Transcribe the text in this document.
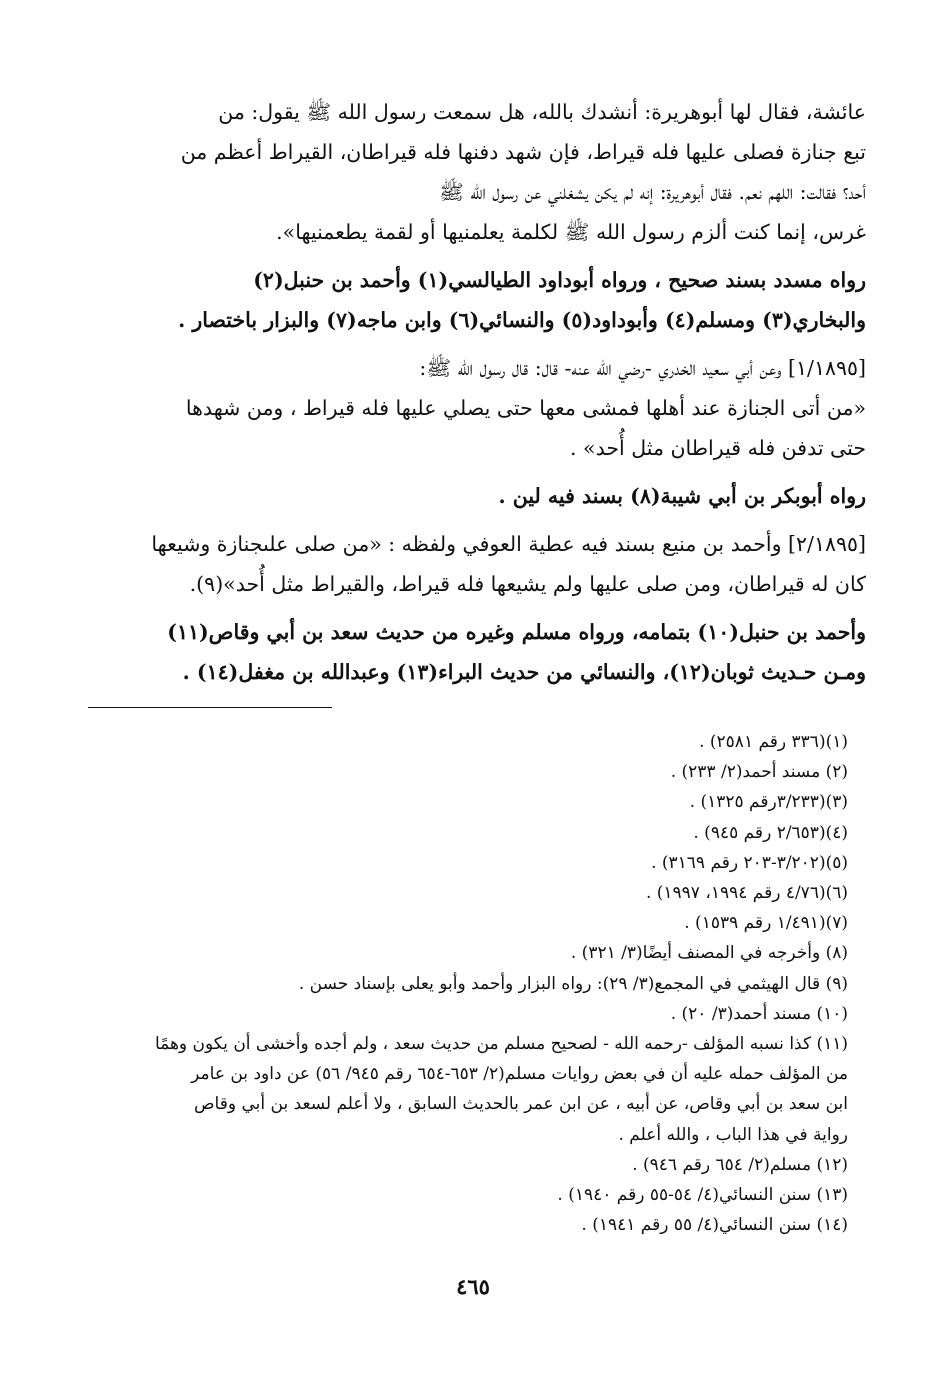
عائشة، فقال لها أبوهريرة: أنشدك بالله، هل سمعت رسول الله ﷺ يقول: من
تبع جنازة فصلى عليها فله قيراط، فإن شهد دفنها فله قيراطان، القيراط أعظم من
أحد؟ فقالت: اللهم نعم. فقال أبوهريرة: إنه لم يكن يشغلني عن رسول الله ﷺ
غرس، إنما كنت ألزم رسول الله ﷺ لكلمة يعلمنيها أو لقمة يطعمنيها».

رواه مسدد بسند صحيح ، ورواه أبوداود الطيالسي(١) وأحمد بن حنبل(٢)
والبخاري(٣) ومسلم(٤) وأبوداود(٥) والنسائي(٦) وابن ماجه(٧) والبزار باختصار .

[١/١٨٩٥] وعن أبي سعيد الخدري -رضي الله عنه- قال: قال رسول الله ﷺ:
«من أتى الجنازة عند أهلها فمشى معها حتى يصلي عليها فله قيراط ، ومن شهدها
حتى تدفن فله قيراطان مثل أُحد» .

رواه أبوبكر بن أبي شيبة(٨) بسند فيه لين .

[٢/١٨٩٥] وأحمد بن منيع بسند فيه عطية العوفي ولفظه : «من صلى علىجنازة وشيعها
كان له قيراطان، ومن صلى عليها ولم يشيعها فله قيراط، والقيراط مثل أُحد»(٩).

وأحمد بن حنبل(١٠) بتمامه، ورواه مسلم وغيره من حديث سعد بن أبي وقاص(١١)
ومـن حـديث ثوبان(١٢)، والنسائي من حديث البراء(١٣) وعبدالله بن مغفل(١٤) .

(١)(٣٣٦ رقم ٢٥٨١) .
(٢) مسند أحمد(٢/ ٢٣٣) .
(٣)(٣/٢٣٣رقم ١٣٢٥) .
(٤)(٢/٦٥٣ رقم ٩٤٥) .
(٥)(٣/٢٠٢-٢٠٣ رقم ٣١٦٩) .
(٦)(٤/٧٦ رقم ١٩٩٤، ١٩٩٧) .
(٧)(١/٤٩١ رقم ١٥٣٩) .
(٨) وأخرجه في المصنف أيضًا(٣/ ٣٢١) .
(٩) قال الهيثمي في المجمع(٣/ ٢٩): رواه البزار وأحمد وأبو يعلى بإسناد حسن .
(١٠) مسند أحمد(٣/ ٢٠) .
(١١) كذا نسبه المؤلف -رحمه الله - لصحيح مسلم من حديث سعد ، ولم أجده وأخشى أن يكون وهمًا
من المؤلف حمله عليه أن في بعض روايات مسلم(٢/ ٦٥٣-٦٥٤ رقم ٩٤٥/ ٥٦) عن داود بن عامر
ابن سعد بن أبي وقاص، عن أبيه ، عن ابن عمر بالحديث السابق ، ولا أعلم لسعد بن أبي وقاص
رواية في هذا الباب ، والله أعلم .
(١٢) مسلم(٢/ ٦٥٤ رقم ٩٤٦) .
(١٣) سنن النسائي(٤/ ٥٤-٥٥ رقم ١٩٤٠) .
(١٤) سنن النسائي(٤/ ٥٥ رقم ١٩٤١) .
٤٦٥
